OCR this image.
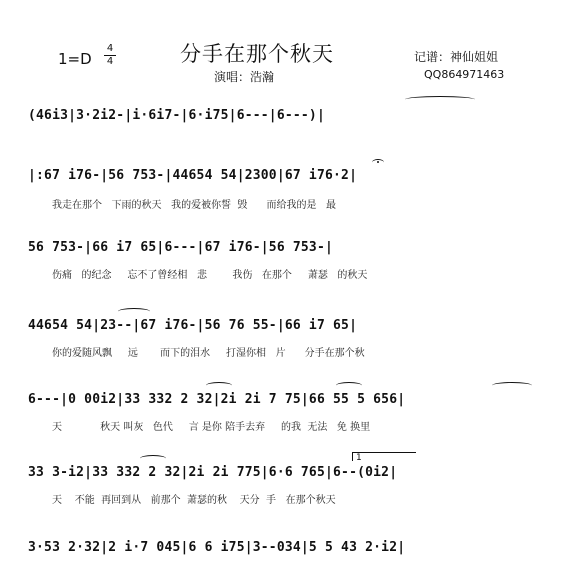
分手在那个秋天
1=D
4
4
演唱：浩瀚
记谱：神仙姐姐
QQ864971463
(46i3|3·2i2-|i·6i7-|6·i75|6---|6---)|
|:67 i76-|56 753-|44654 54|2300|67 i76·2|
我走在那个   下雨的秋天   我的爱被你誓  毁      而给我的是   最
56 753-|66 i7 65|6---|67 i76-|56 753-|
伤痛   的纪念     忘不了曾经相   悲        我伤   在那个     萧瑟   的秋天
44654 54|23--|67 i76-|56 76 55-|66 i7 65|
你的爱随风飘     远       而下的泪水     打湿你相   片      分手在那个秋
6---|0 00i2|33 332 2 32|2i 2i 7 75|66 55 5 656|
天            秋天 叫灰   色代     言 是你 陪手去弃     的我  无法   免 换里
33 3-i2|33 332 2 32|2i 2i 775|6·6 765|6--(0i2|
天    不能  再回到从   前那个  萧瑟的秋    天分  手   在那个秋天
1
3·53 2·32|2 i·7 045|6 6 i75|3--034|5 5 43 2·i2|
